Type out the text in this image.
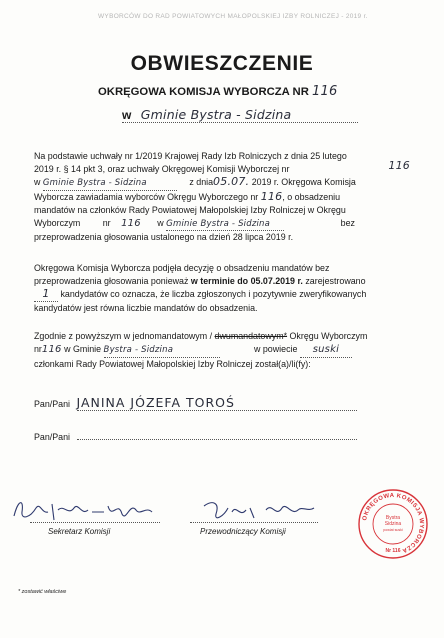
WYBORCÓW DO RAD POWIATOWYCH MAŁOPOLSKIEJ IZBY ROLNICZEJ - 2019 r.
OBWIESZCZENIE
OKRĘGOWA KOMISJA WYBORCZA NR 116
w Gminie Bystra - Sidzina
Na podstawie uchwały nr 1/2019 Krajowej Rady Izb Rolniczych z dnia 25 lutego
2019 r. § 14 pkt 3, oraz uchwały Okręgowej Komisji Wyborczej nr	116
w Gminie Bystra - Sidzina	z dnia05.07. 2019 r. Okręgowa Komisja
Wyborcza zawiadamia wyborców Okręgu Wyborczego nr 116, o obsadzeniu
mandatów na członków Rady Powiatowej Małopolskiej Izby Rolniczej w Okręgu
Wyborczym	nr 116 w Gminie Bystra - Sidzina	bez
przeprowadzenia głosowania ustalonego na dzień 28 lipca 2019 r.
Okręgowa Komisja Wyborcza podjęła decyzję o obsadzeniu mandatów bez
przeprowadzenia głosowania ponieważ w terminie do 05.07.2019 r. zarejestrowano
1 kandydatów co oznacza, że liczba zgłoszonych i pozytywnie zweryfikowanych
kandydatów jest równa liczbie mandatów do obsadzenia.
Zgodnie z powyższym w jednomandatowym / dwumandatowym* Okręgu Wyborczym
nr116 w Gminie Bystra - Sidzina	w powiecie suski
członkami Rady Powiatowej Małopolskiej Izby Rolniczej został(a)/li(fy):
Pan/Pani JANINA JÓZEFA TOROŚ
Pan/Pani
Sekretarz Komisji	Przewodniczący Komisji
OKRĘGOWA KOMISJA WYBORCZA
Bystra
Sidzina
powiat suski
Nr 116
* zostawić właściwe
